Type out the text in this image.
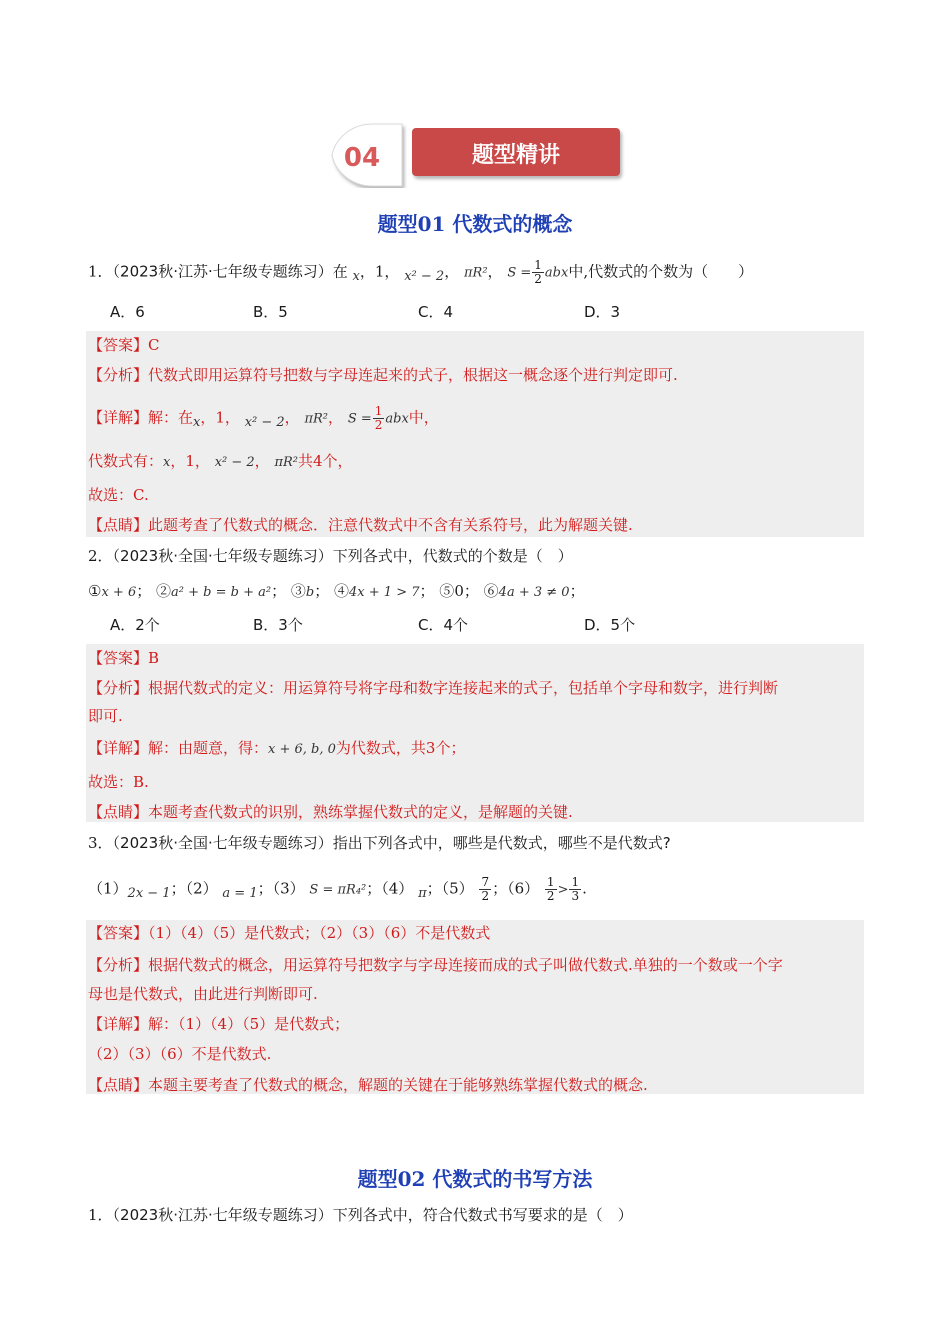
04	题型精讲
题型01 代数式的概念
1．（2023秋·江苏·七年级专题练习）在 x，1， x² − 2， πR²， $S = \frac{1}{2}$ abx中,代数式的个数为（　　）
A．6	B．5	C．4	D．3
【答案】C
【分析】代数式即用运算符号把数与字母连起来的式子，根据这一概念逐个进行判定即可.
【详解】解：在x，1， x² − 2， πR²， $S = \frac{1}{2}$ abx中，
代数式有：x，1， x² − 2， πR²共4个，
故选：C.
【点睛】此题考查了代数式的概念．注意代数式中不含有关系符号，此为解题关键.
2．（2023秋·全国·七年级专题练习）下列各式中，代数式的个数是（　）
①x + 6； ②a² + b = b + a²； ③b； ④4x + 1 > 7； ⑤0； ⑥4a + 3 ≠ 0；
A．2个	B．3个	C．4个	D．5个
【答案】B
【分析】根据代数式的定义：用运算符号将字母和数字连接起来的式子，包括单个字母和数字，进行判断
即可.
【详解】解：由题意，得：x + 6, b, 0为代数式，共3个；
故选：B.
【点睛】本题考查代数式的识别，熟练掌握代数式的定义，是解题的关键.
3．（2023秋·全国·七年级专题练习）指出下列各式中，哪些是代数式，哪些不是代数式?
（1）2x − 1；（2） a = 1；（3） S = πR₄²；（4） π；$(5) \frac{7}{2}$ ；$(6) \frac{1}{2} > \frac{1}{3}$ .
【答案】（1）（4）（5）是代数式；（2）（3）（6）不是代数式
【分析】根据代数式的概念，用运算符号把数字与字母连接而成的式子叫做代数式.单独的一个数或一个字
母也是代数式，由此进行判断即可.
【详解】解：（1）（4）（5）是代数式；
（2）（3）（6）不是代数式.
【点睛】本题主要考查了代数式的概念，解题的关键在于能够熟练掌握代数式的概念.
题型02 代数式的书写方法
1．（2023秋·江苏·七年级专题练习）下列各式中，符合代数式书写要求的是（　）
